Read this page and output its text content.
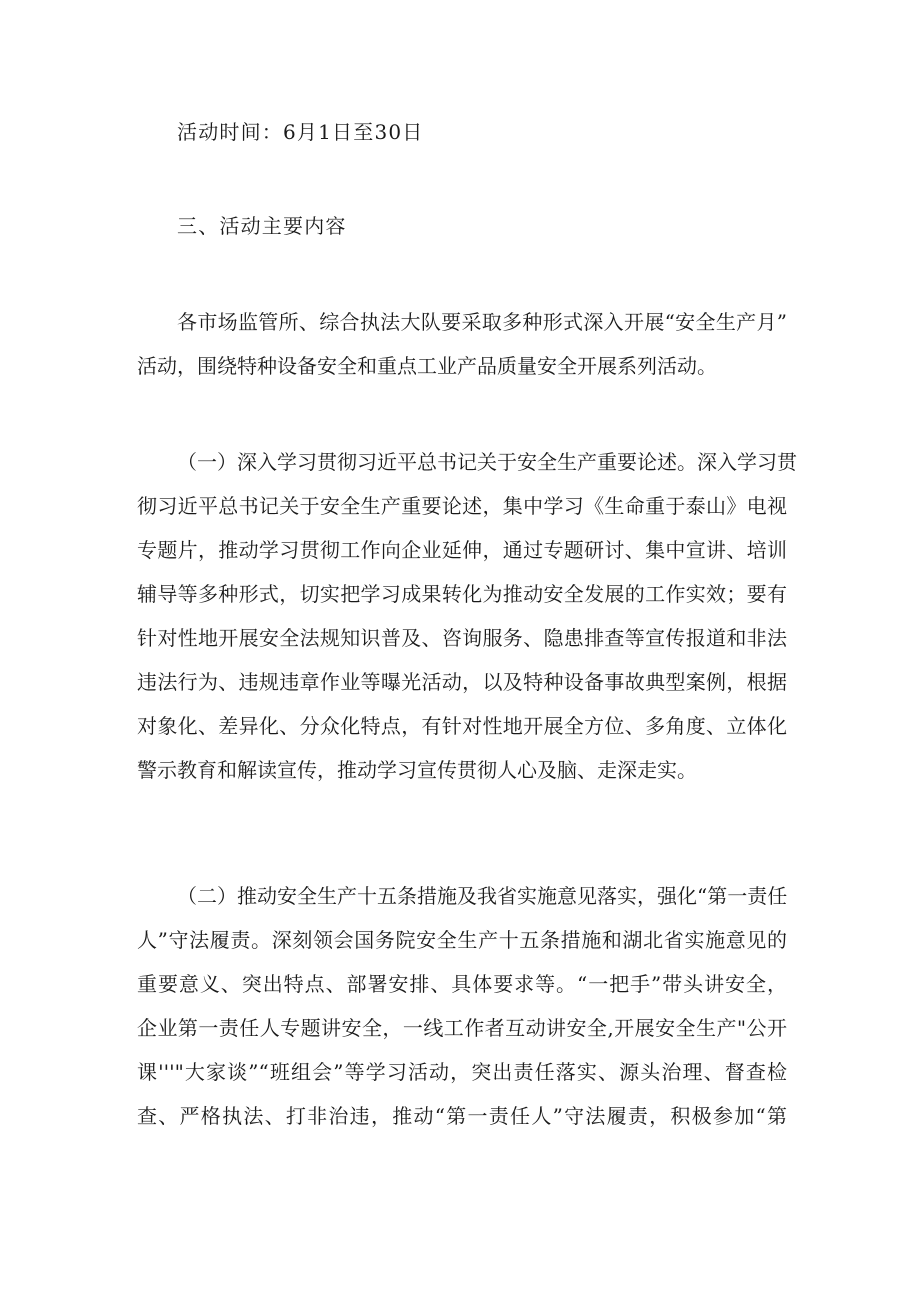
活动时间：6月1日至30日
三、活动主要内容
各市场监管所、综合执法大队要采取多种形式深入开展“安全生产月”
活动，围绕特种设备安全和重点工业产品质量安全开展系列活动。
（一）深入学习贯彻习近平总书记关于安全生产重要论述。深入学习贯
彻习近平总书记关于安全生产重要论述，集中学习《生命重于泰山》电视
专题片，推动学习贯彻工作向企业延伸，通过专题研讨、集中宣讲、培训
辅导等多种形式，切实把学习成果转化为推动安全发展的工作实效；要有
针对性地开展安全法规知识普及、咨询服务、隐患排查等宣传报道和非法
违法行为、违规违章作业等曝光活动，以及特种设备事故典型案例，根据
对象化、差异化、分众化特点，有针对性地开展全方位、多角度、立体化
警示教育和解读宣传，推动学习宣传贯彻人心及脑、走深走实。
（二）推动安全生产十五条措施及我省实施意见落实，强化“第一责任
人”守法履责。深刻领会国务院安全生产十五条措施和湖北省实施意见的
重要意义、突出特点、部署安排、具体要求等。“一把手”带头讲安全，
企业第一责任人专题讲安全，一线工作者互动讲安全,开展安全生产"公开
课'''"大家谈”“班组会”等学习活动，突出责任落实、源头治理、督查检
查、严格执法、打非治违，推动“第一责任人”守法履责，积极参加“第
